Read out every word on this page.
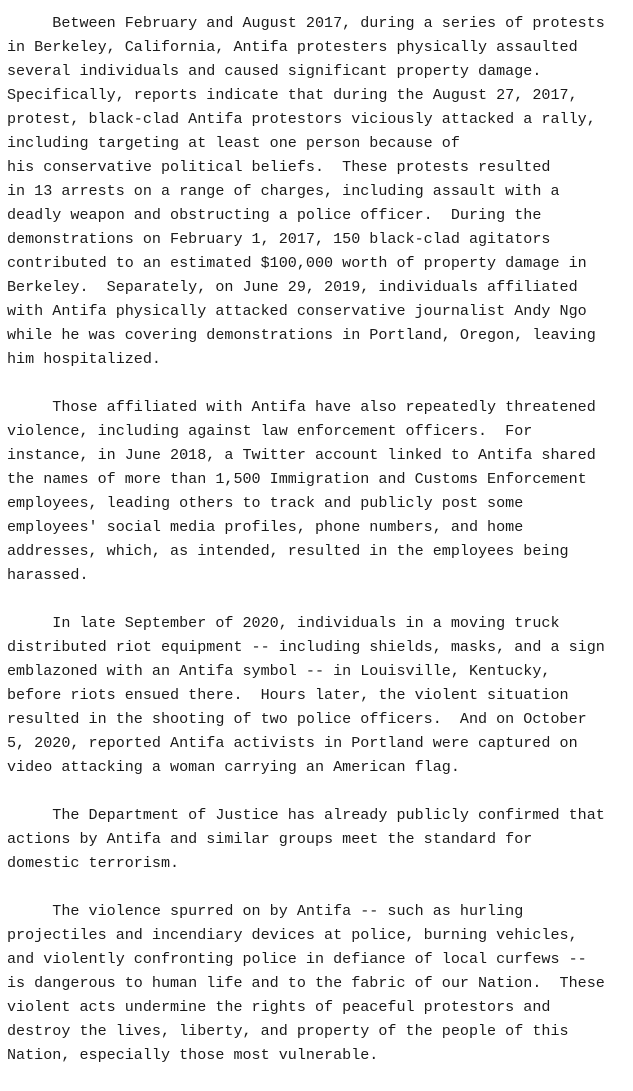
Between February and August 2017, during a series of protests
in Berkeley, California, Antifa protesters physically assaulted
several individuals and caused significant property damage.
Specifically, reports indicate that during the August 27, 2017,
protest, black-clad Antifa protestors viciously attacked a rally,
including targeting at least one person because of
his conservative political beliefs.  These protests resulted
in 13 arrests on a range of charges, including assault with a
deadly weapon and obstructing a police officer.  During the
demonstrations on February 1, 2017, 150 black-clad agitators
contributed to an estimated $100,000 worth of property damage in
Berkeley.  Separately, on June 29, 2019, individuals affiliated
with Antifa physically attacked conservative journalist Andy Ngo
while he was covering demonstrations in Portland, Oregon, leaving
him hospitalized.
Those affiliated with Antifa have also repeatedly threatened
violence, including against law enforcement officers.  For
instance, in June 2018, a Twitter account linked to Antifa shared
the names of more than 1,500 Immigration and Customs Enforcement
employees, leading others to track and publicly post some
employees' social media profiles, phone numbers, and home
addresses, which, as intended, resulted in the employees being
harassed.
In late September of 2020, individuals in a moving truck
distributed riot equipment -- including shields, masks, and a sign
emblazoned with an Antifa symbol -- in Louisville, Kentucky,
before riots ensued there.  Hours later, the violent situation
resulted in the shooting of two police officers.  And on October
5, 2020, reported Antifa activists in Portland were captured on
video attacking a woman carrying an American flag.
The Department of Justice has already publicly confirmed that
actions by Antifa and similar groups meet the standard for
domestic terrorism.
The violence spurred on by Antifa -- such as hurling
projectiles and incendiary devices at police, burning vehicles,
and violently confronting police in defiance of local curfews --
is dangerous to human life and to the fabric of our Nation.  These
violent acts undermine the rights of peaceful protestors and
destroy the lives, liberty, and property of the people of this
Nation, especially those most vulnerable.
